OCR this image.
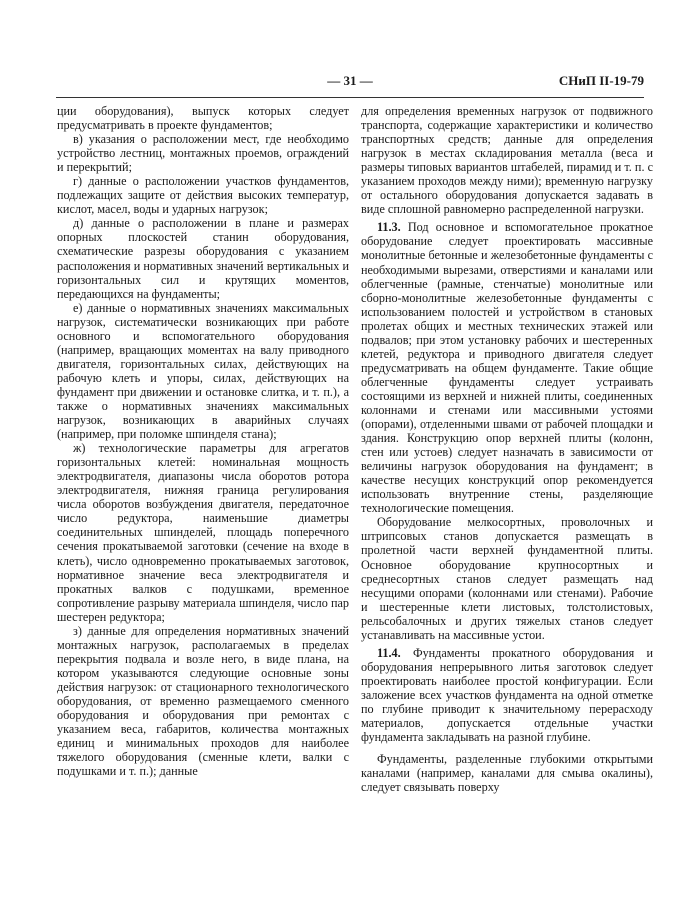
— 31 —	СНиП II-19-79

ции оборудования), выпуск которых следует предусматривать в проекте фундаментов;

в) указания о расположении мест, где необходимо устройство лестниц, монтажных проемов, ограждений и перекрытий;

г) данные о расположении участков фундаментов, подлежащих защите от действия высоких температур, кислот, масел, воды и ударных нагрузок;

д) данные о расположении в плане и размерах опорных плоскостей станин оборудования, схематические разрезы оборудования с указанием расположения и нормативных значений вертикальных и горизонтальных сил и крутящих моментов, передающихся на фундаменты;

е) данные о нормативных значениях максимальных нагрузок, систематически возникающих при работе основного и вспомогательного оборудования (например, вращающих моментах на валу приводного двигателя, горизонтальных силах, действующих на рабочую клеть и упоры, силах, действующих на фундамент при движении и остановке слитка, и т. п.), а также о нормативных значениях максимальных нагрузок, возникающих в аварийных случаях (например, при поломке шпинделя стана);

ж) технологические параметры для агрегатов горизонтальных клетей: номинальная мощность электродвигателя, диапазоны числа оборотов ротора электродвигателя, нижняя граница регулирования числа оборотов возбуждения двигателя, передаточное число редуктора, наименьшие диаметры соединительных шпинделей, площадь поперечного сечения прокатываемой заготовки (сечение на входе в клеть), число одновременно прокатываемых заготовок, нормативное значение веса электродвигателя и прокатных валков с подушками, временное сопротивление разрыву материала шпинделя, число пар шестерен редуктора;

з) данные для определения нормативных значений монтажных нагрузок, располагаемых в пределах перекрытия подвала и возле него, в виде плана, на котором указываются следующие основные зоны действия нагрузок: от стационарного технологического оборудования, от временно размещаемого сменного оборудования и оборудования при ремонтах с указанием веса, габаритов, количества монтажных единиц и минимальных проходов для наиболее тяжелого оборудования (сменные клети, валки с подушками и т. п.); данные

для определения временных нагрузок от подвижного транспорта, содержащие характеристики и количество транспортных средств; данные для определения нагрузок в местах складирования металла (веса и размеры типовых вариантов штабелей, пирамид и т. п. с указанием проходов между ними); временную нагрузку от остального оборудования допускается задавать в виде сплошной равномерно распределенной нагрузки.

11.3. Под основное и вспомогательное прокатное оборудование следует проектировать массивные монолитные бетонные и железобетонные фундаменты с необходимыми вырезами, отверстиями и каналами или облегченные (рамные, стенчатые) монолитные или сборно-монолитные железобетонные фундаменты с использованием полостей и устройством в становых пролетах общих и местных технических этажей или подвалов; при этом установку рабочих и шестеренных клетей, редуктора и приводного двигателя следует предусматривать на общем фундаменте. Такие общие облегченные фундаменты следует устраивать состоящими из верхней и нижней плиты, соединенных колоннами и стенами или массивными устоями (опорами), отделенными швами от рабочей площадки и здания. Конструкцию опор верхней плиты (колонн, стен или устоев) следует назначать в зависимости от величины нагрузок оборудования на фундамент; в качестве несущих конструкций опор рекомендуется использовать внутренние стены, разделяющие технологические помещения.

Оборудование мелкосортных, проволочных и штрипсовых станов допускается размещать в пролетной части верхней фундаментной плиты. Основное оборудование крупносортных и среднесортных станов следует размещать над несущими опорами (колоннами или стенами). Рабочие и шестеренные клети листовых, толстолистовых, рельсобалочных и других тяжелых станов следует устанавливать на массивные устои.

11.4. Фундаменты прокатного оборудования и оборудования непрерывного литья заготовок следует проектировать наиболее простой конфигурации. Если заложение всех участков фундамента на одной отметке по глубине приводит к значительному перерасходу материалов, допускается отдельные участки фундамента закладывать на разной глубине.

Фундаменты, разделенные глубокими открытыми каналами (например, каналами для смыва окалины), следует связывать поверху
